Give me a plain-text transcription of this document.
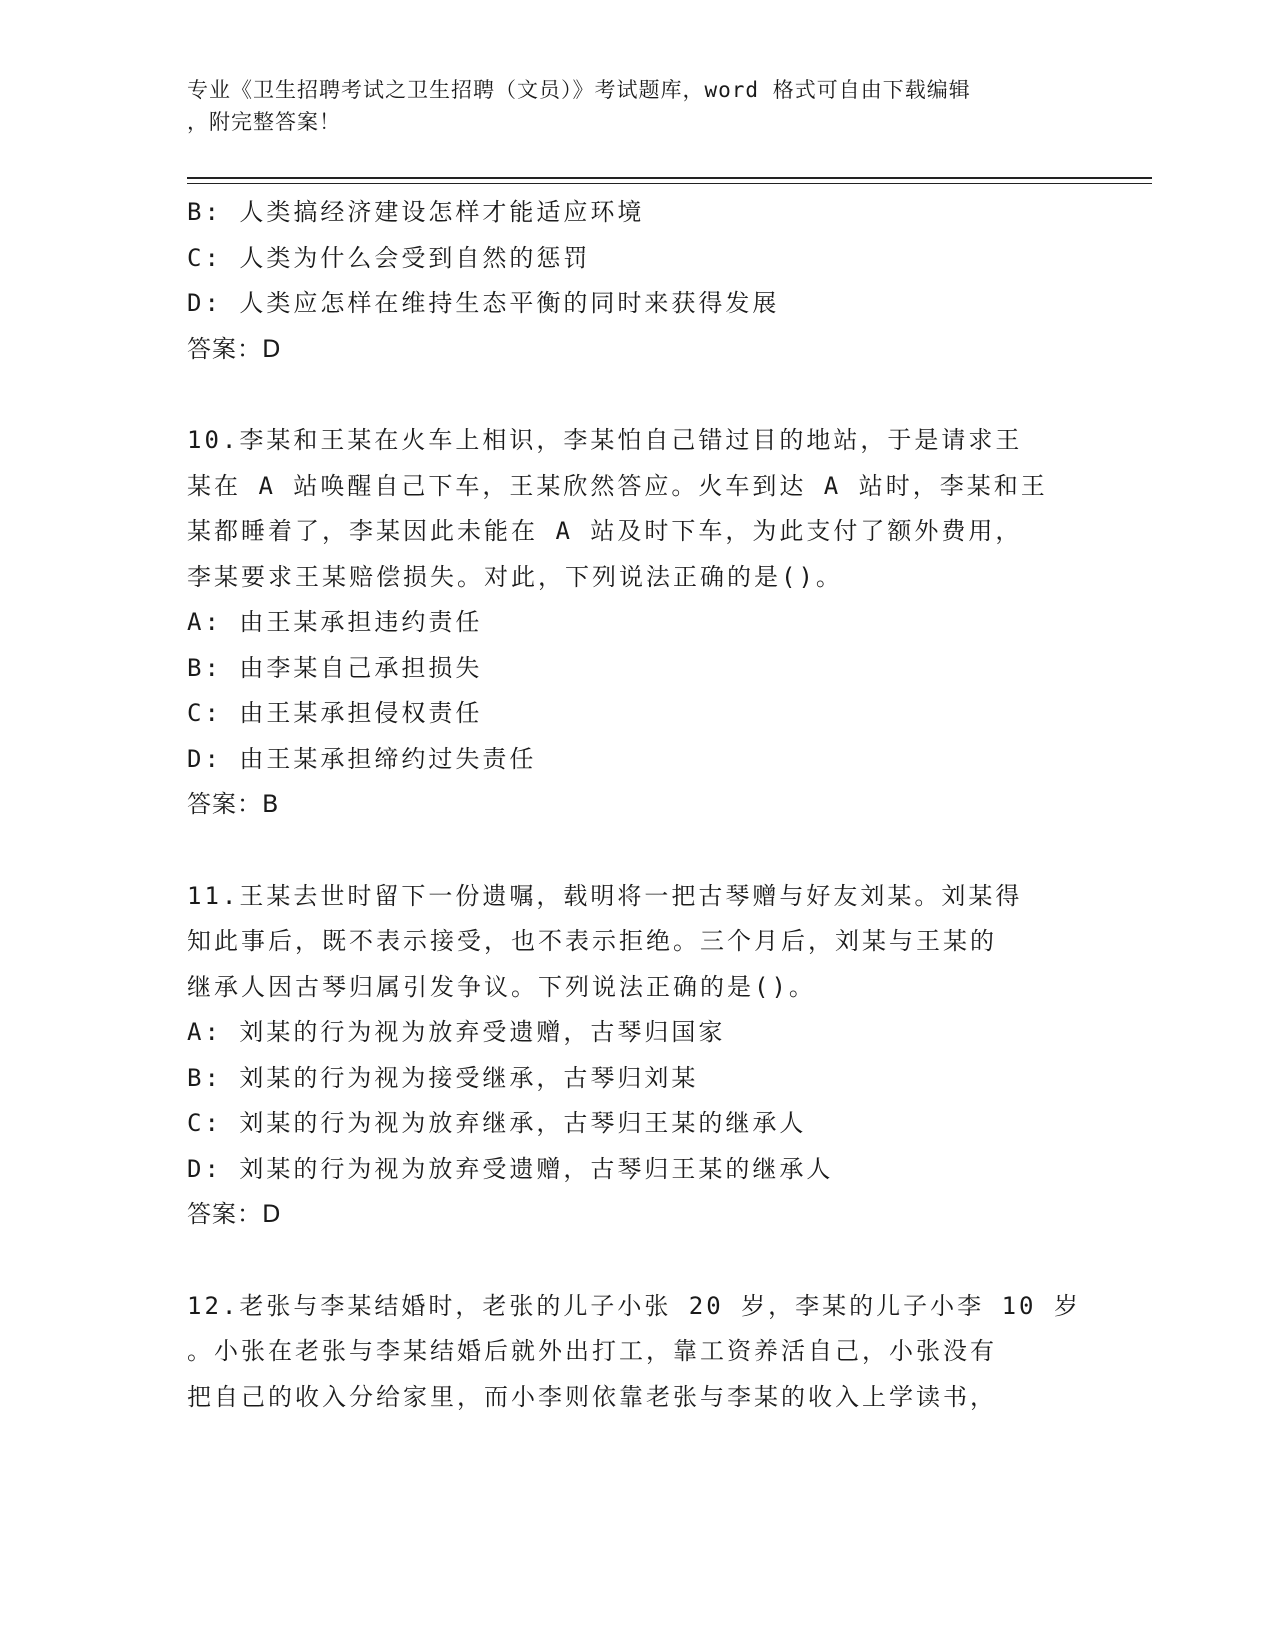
专业《卫生招聘考试之卫生招聘（文员）》考试题库，word 格式可自由下载编辑
，附完整答案！
B: 人类搞经济建设怎样才能适应环境
C: 人类为什么会受到自然的惩罚
D: 人类应怎样在维持生态平衡的同时来获得发展
答案：D
10.李某和王某在火车上相识，李某怕自己错过目的地站，于是请求王
某在 A 站唤醒自己下车，王某欣然答应。火车到达 A 站时，李某和王
某都睡着了，李某因此未能在 A 站及时下车，为此支付了额外费用，
李某要求王某赔偿损失。对此，下列说法正确的是()。
A: 由王某承担违约责任
B: 由李某自己承担损失
C: 由王某承担侵权责任
D: 由王某承担缔约过失责任
答案：B
11.王某去世时留下一份遗嘱，载明将一把古琴赠与好友刘某。刘某得
知此事后，既不表示接受，也不表示拒绝。三个月后，刘某与王某的
继承人因古琴归属引发争议。下列说法正确的是()。
A: 刘某的行为视为放弃受遗赠，古琴归国家
B: 刘某的行为视为接受继承，古琴归刘某
C: 刘某的行为视为放弃继承，古琴归王某的继承人
D: 刘某的行为视为放弃受遗赠，古琴归王某的继承人
答案：D
12.老张与李某结婚时，老张的儿子小张 20 岁，李某的儿子小李 10 岁
。小张在老张与李某结婚后就外出打工，靠工资养活自己，小张没有
把自己的收入分给家里，而小李则依靠老张与李某的收入上学读书，
